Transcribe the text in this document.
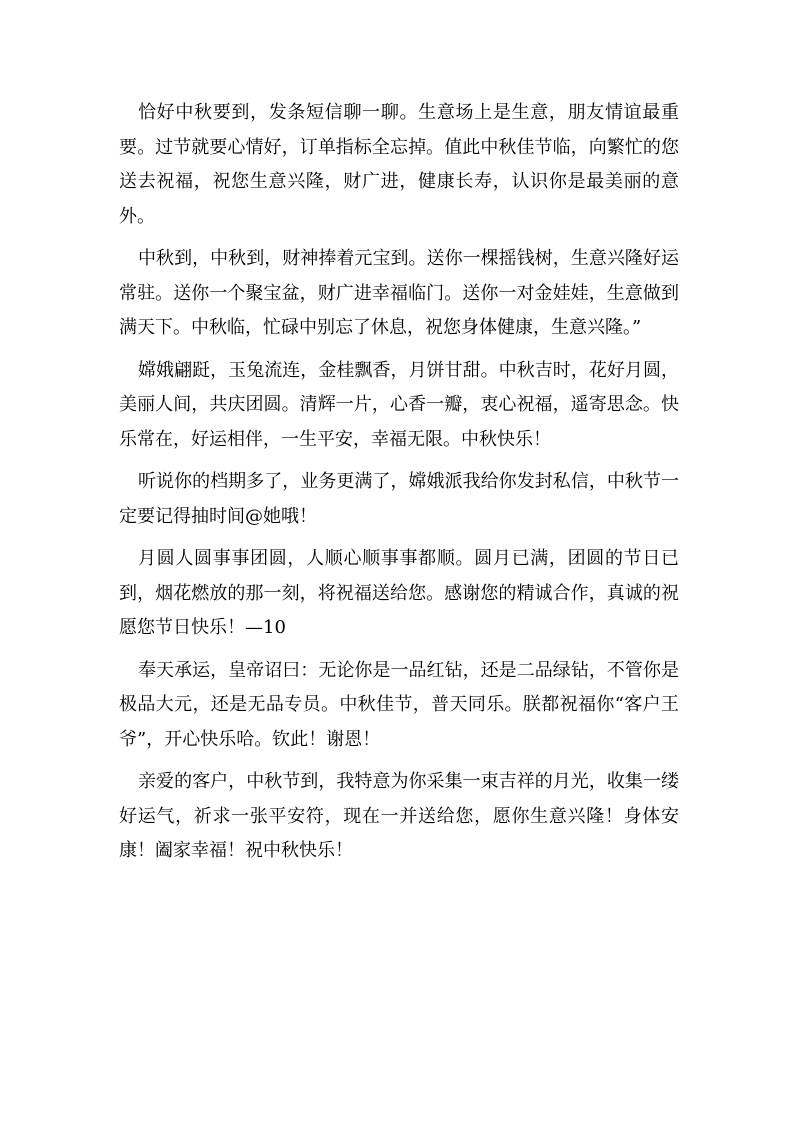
恰好中秋要到，发条短信聊一聊。生意场上是生意，朋友情谊最重要。过节就要心情好，订单指标全忘掉。值此中秋佳节临，向繁忙的您送去祝福，祝您生意兴隆，财广进，健康长寿，认识你是最美丽的意外。

中秋到，中秋到，财神捧着元宝到。送你一棵摇钱树，生意兴隆好运常驻。送你一个聚宝盆，财广进幸福临门。送你一对金娃娃，生意做到满天下。中秋临，忙碌中别忘了休息，祝您身体健康，生意兴隆。”

嫦娥翩跹，玉兔流连，金桂飘香，月饼甘甜。中秋吉时，花好月圆，美丽人间，共庆团圆。清辉一片，心香一瓣，衷心祝福，遥寄思念。快乐常在，好运相伴，一生平安，幸福无限。中秋快乐！

听说你的档期多了，业务更满了，嫦娥派我给你发封私信，中秋节一定要记得抽时间@她哦！

月圆人圆事事团圆，人顺心顺事事都顺。圆月已满，团圆的节日已到，烟花燃放的那一刻，将祝福送给您。感谢您的精诚合作，真诚的祝愿您节日快乐！—10

奉天承运，皇帝诏曰：无论你是一品红钻，还是二品绿钻，不管你是极品大元，还是无品专员。中秋佳节，普天同乐。朕都祝福你“客户王爷”，开心快乐哈。钦此！谢恩！

亲爱的客户，中秋节到，我特意为你采集一束吉祥的月光，收集一缕好运气，祈求一张平安符，现在一并送给您，愿你生意兴隆！身体安康！阖家幸福！祝中秋快乐！
